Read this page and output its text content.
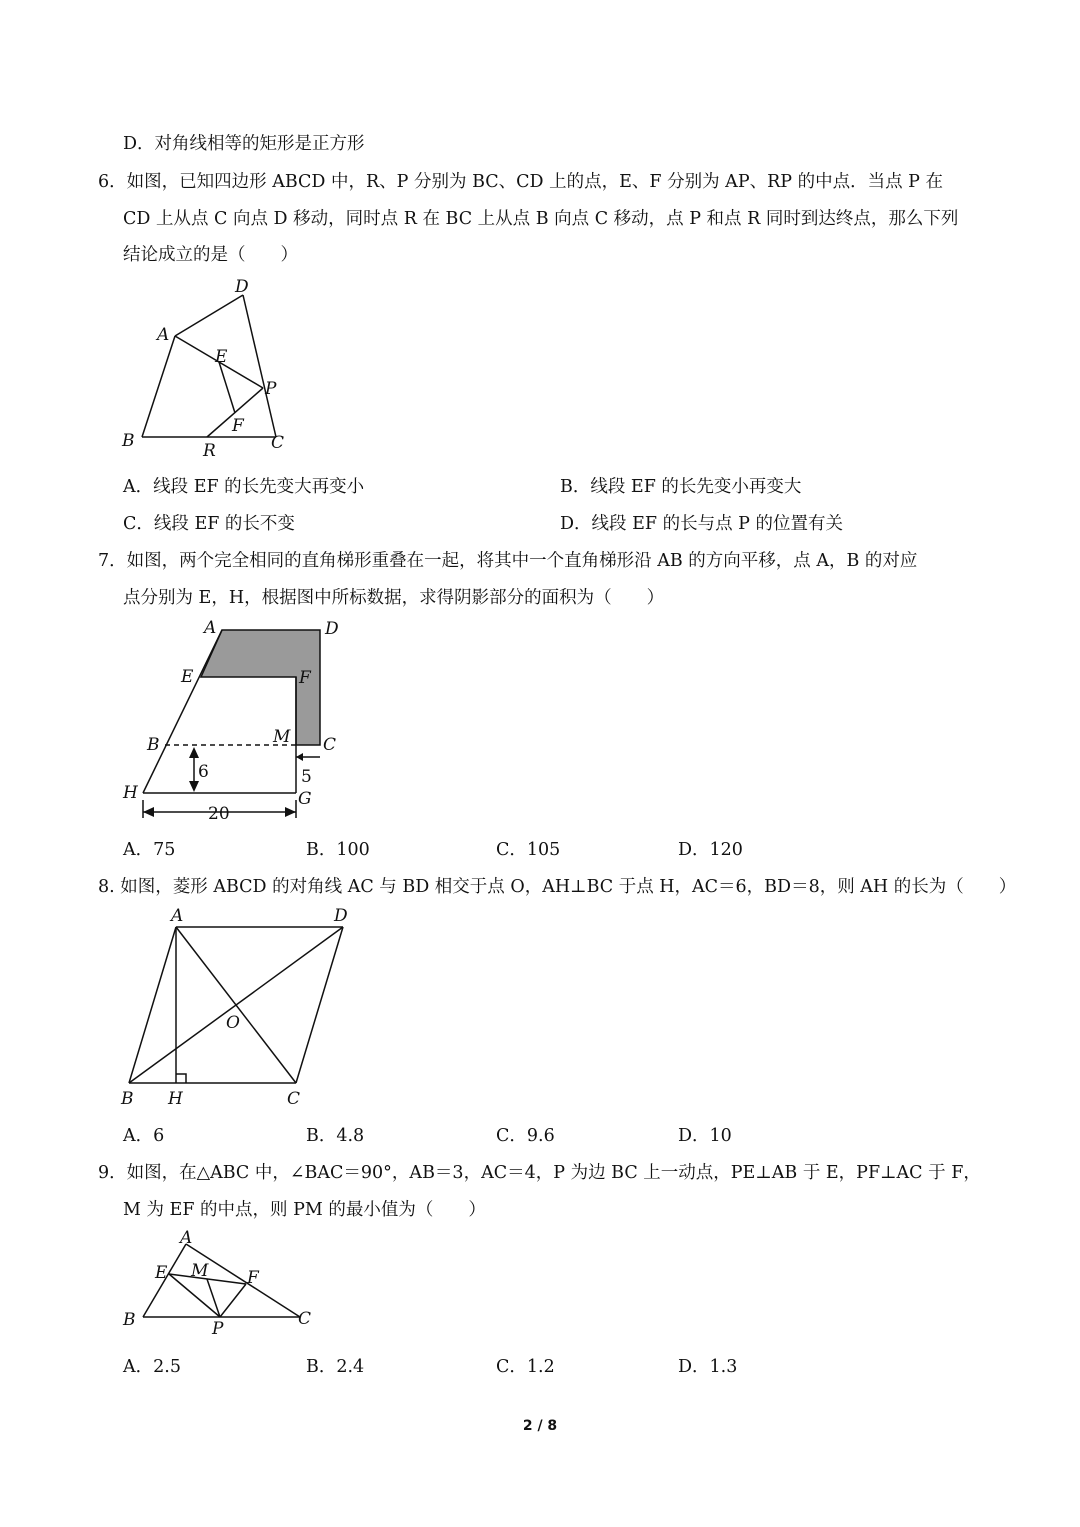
D．对角线相等的矩形是正方形
6．如图，已知四边形 ABCD 中，R、P 分别为 BC、CD 上的点，E、F 分别为 AP、RP 的中点．当点 P 在
CD 上从点 C 向点 D 移动，同时点 R 在 BC 上从点 B 向点 C 移动，点 P 和点 R 同时到达终点，那么下列
结论成立的是（　　）
A
D
E
P
F
B	R	C
A．线段 EF 的长先变大再变小	B．线段 EF 的长先变小再变大
C．线段 EF 的长不变	D．线段 EF 的长与点 P 的位置有关
7．如图，两个完全相同的直角梯形重叠在一起，将其中一个直角梯形沿 AB 的方向平移，点 A，B 的对应
点分别为 E，H，根据图中所标数据，求得阴影部分的面积为（　　）
A	D
E	F
B	M C
H	G
6	5
20
A．75	B．100	C．105	D．120
8. 如图，菱形 ABCD 的对角线 AC 与 BD 相交于点 O，AH⊥BC 于点 H，AC＝6，BD＝8，则 AH 的长为（　　）
A	D
O
B H	C
A．6	B．4.8	C．9.6	D．10
9．如图，在△ABC 中，∠BAC＝90°，AB＝3，AC＝4，P 为边 BC 上一动点，PE⊥AB 于 E，PF⊥AC 于 F，
M 为 EF 的中点，则 PM 的最小值为（　　）
A
E M F
B	P	C
A．2.5	B．2.4	C．1.2	D．1.3
2 / 8
